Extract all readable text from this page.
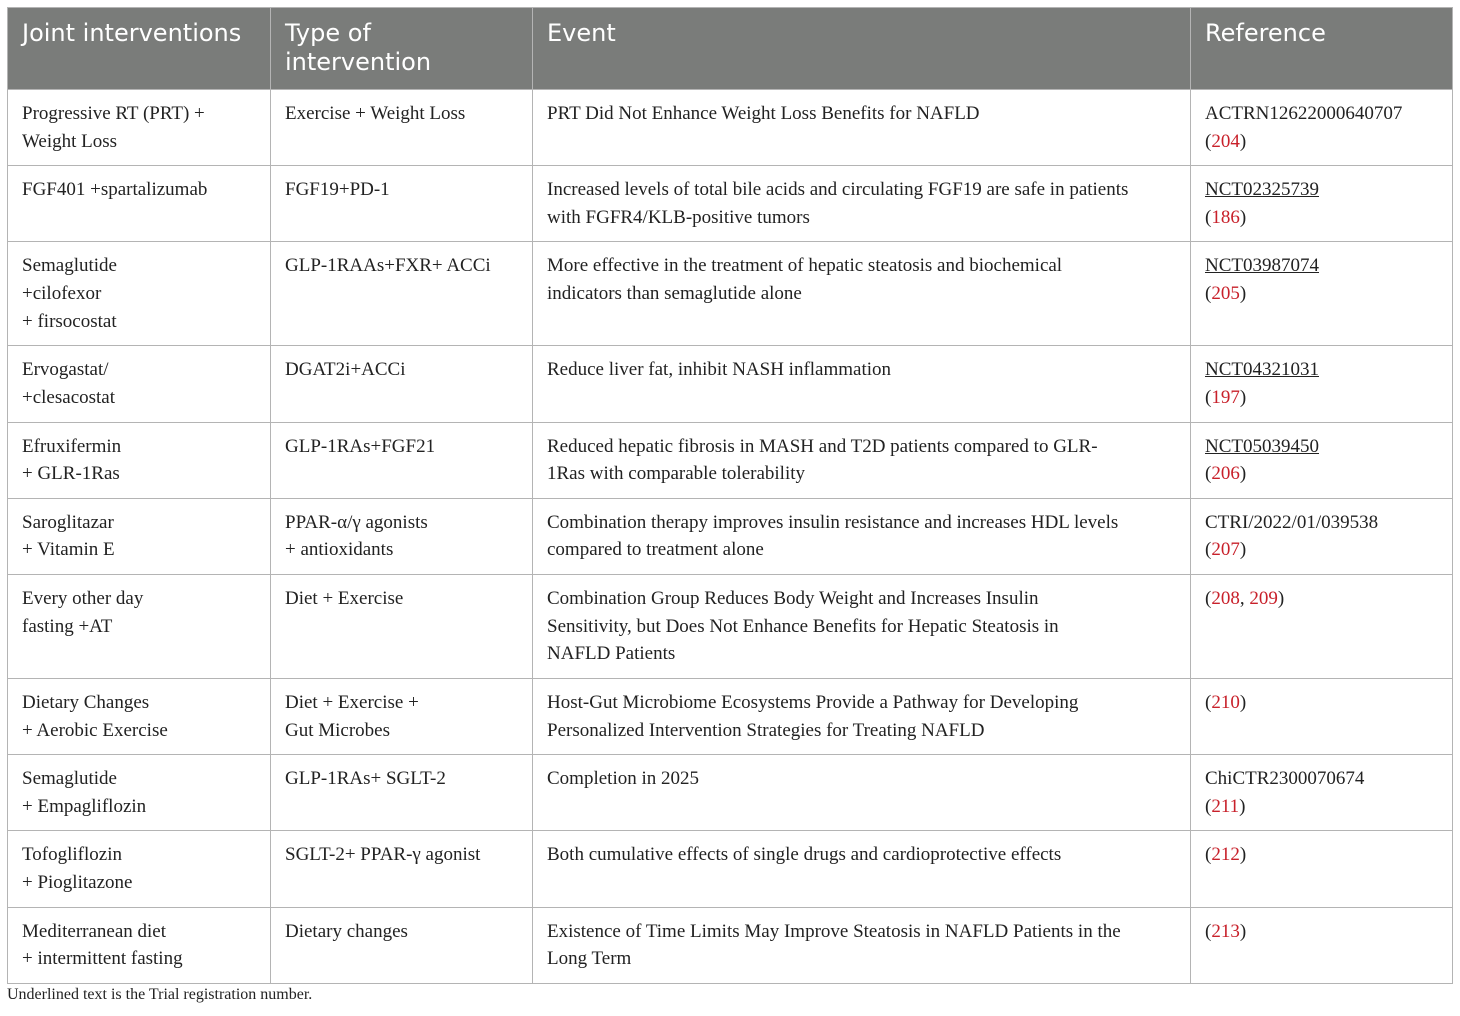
Joint interventions	Type of intervention	Event	Reference

Progressive RT (PRT) +
Weight Loss	Exercise + Weight Loss	PRT Did Not Enhance Weight Loss Benefits for NAFLD	ACTRN12622000640707
(204)

FGF401 +spartalizumab	FGF19+PD-1	Increased levels of total bile acids and circulating FGF19 are safe in patients
with FGFR4/KLB-positive tumors	NCT02325739
(186)

Semaglutide
+cilofexor
+ firsocostat	GLP-1RAAs+FXR+ ACCi	More effective in the treatment of hepatic steatosis and biochemical
indicators than semaglutide alone	NCT03987074
(205)

Ervogastat/
+clesacostat	DGAT2i+ACCi	Reduce liver fat, inhibit NASH inflammation	NCT04321031
(197)

Efruxifermin
+ GLR-1Ras	GLP-1RAs+FGF21	Reduced hepatic fibrosis in MASH and T2D patients compared to GLR-
1Ras with comparable tolerability	NCT05039450
(206)

Saroglitazar
+ Vitamin E	PPAR-α/γ agonists
+ antioxidants	Combination therapy improves insulin resistance and increases HDL levels
compared to treatment alone	CTRI/2022/01/039538
(207)

Every other day
fasting +AT	Diet + Exercise	Combination Group Reduces Body Weight and Increases Insulin
Sensitivity, but Does Not Enhance Benefits for Hepatic Steatosis in
NAFLD Patients	(208, 209)

Dietary Changes
+ Aerobic Exercise	Diet + Exercise +
Gut Microbes	Host-Gut Microbiome Ecosystems Provide a Pathway for Developing
Personalized Intervention Strategies for Treating NAFLD	(210)

Semaglutide
+ Empagliflozin	GLP-1RAs+ SGLT-2	Completion in 2025	ChiCTR2300070674
(211)

Tofogliflozin
+ Pioglitazone	SGLT-2+ PPAR-γ agonist	Both cumulative effects of single drugs and cardioprotective effects	(212)

Mediterranean diet
+ intermittent fasting	Dietary changes	Existence of Time Limits May Improve Steatosis in NAFLD Patients in the
Long Term	(213)
Underlined text is the Trial registration number.
